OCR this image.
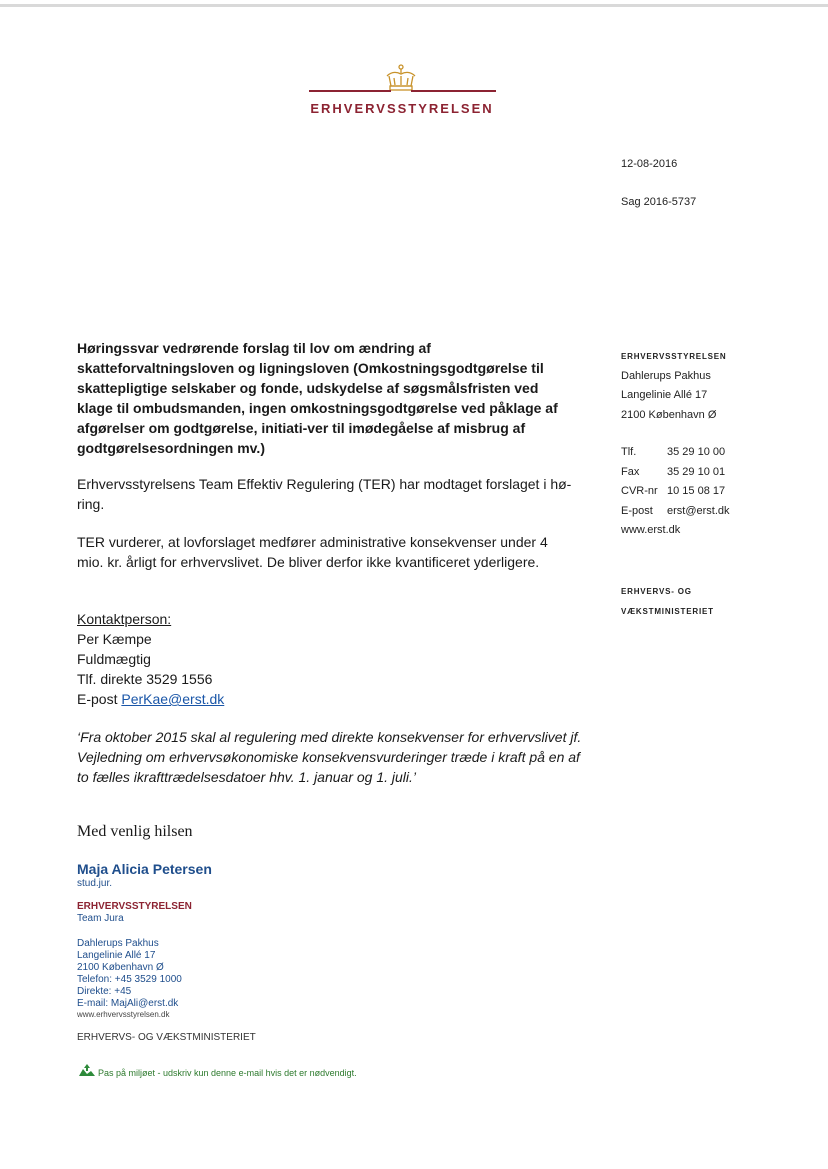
ERHVERVSSTYRELSEN
12-08-2016
Sag 2016-5737

Høringssvar vedrørende forslag til lov om ændring af skatteforvaltningsloven og ligningsloven (Omkostningsgodtgørelse til skattepligtige selskaber og fonde, udskydelse af søgsmålsfristen ved klage til ombudsmanden, ingen omkostningsgodtgørelse ved påklage af afgørelser om godtgørelse, initiati-ver til imødegåelse af misbrug af godtgørelsesordningen mv.)

Erhvervsstyrelsens Team Effektiv Regulering (TER) har modtaget forslaget i hø-ring.

TER vurderer, at lovforslaget medfører administrative konsekvenser under 4 mio. kr. årligt for erhvervslivet. De bliver derfor ikke kvantificeret yderligere.

Kontaktperson:
Per Kæmpe
Fuldmægtig
Tlf. direkte 3529 1556
E-post PerKae@erst.dk

‘Fra oktober 2015 skal al regulering med direkte konsekvenser for erhvervslivet jf. Vejledning om erhvervsøkonomiske konsekvensvurderinger træde i kraft på en af to fælles ikrafttrædelsesdatoer hhv. 1. januar og 1. juli.’

Med venlig hilsen
Maja Alicia Petersen
stud.jur.
ERHVERVSSTYRELSEN
Team Jura
Dahlerups Pakhus
Langelinie Allé 17
2100 København Ø
Telefon: +45 3529 1000
Direkte: +45
E-mail: MajAli@erst.dk
www.erhvervsstyrelsen.dk
ERHVERVS- OG VÆKSTMINISTERIET
Pas på miljøet - udskriv kun denne e-mail hvis det er nødvendigt.
ERHVERVSSTYRELSEN
Dahlerups Pakhus
Langelinie Allé 17
2100 København Ø
Tlf.	35 29 10 00
Fax	35 29 10 01
CVR-nr 10 15 08 17
E-post	erst@erst.dk
www.erst.dk
ERHVERVS- OG
VÆKSTMINISTERIET
